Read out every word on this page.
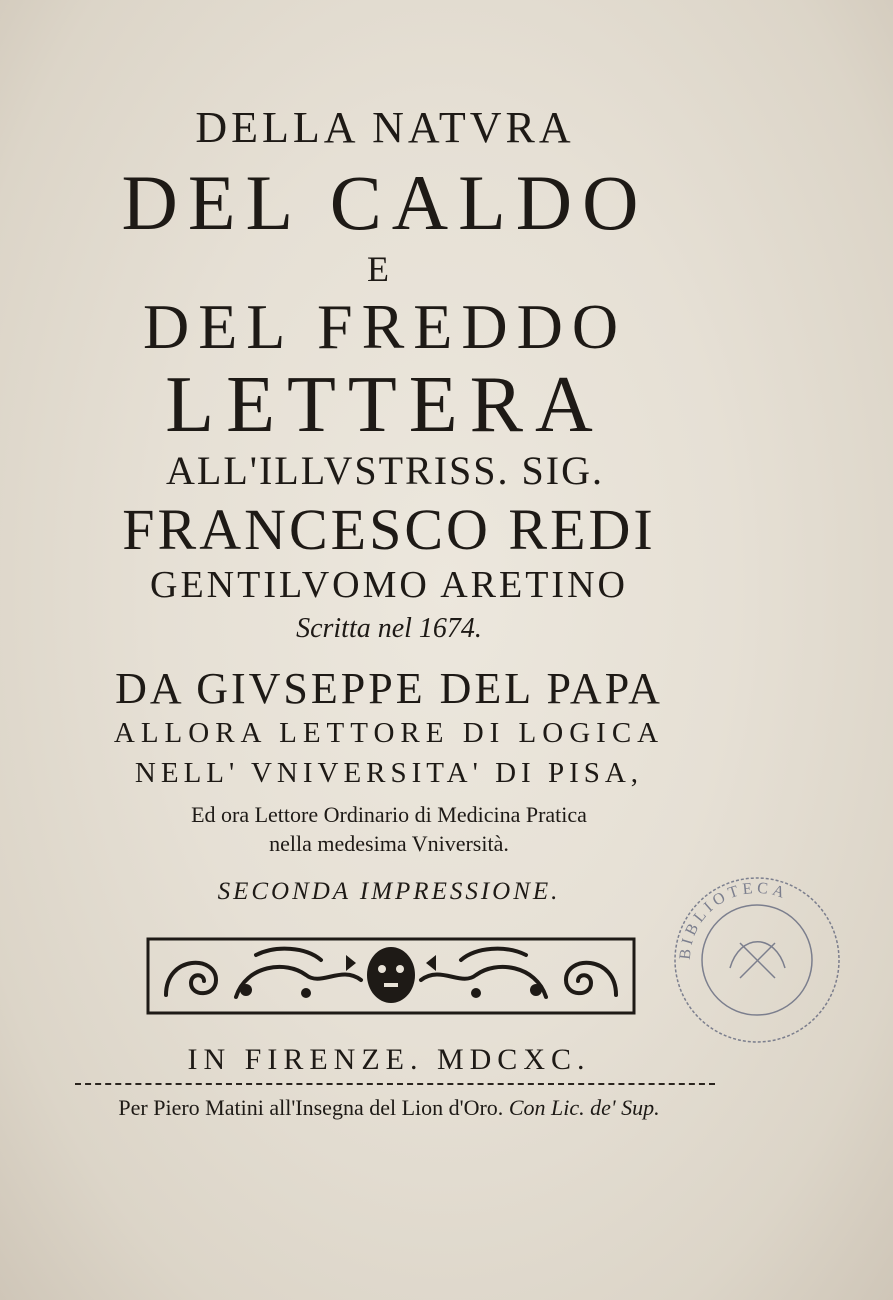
DELLA NATVRA
DEL CALDO
E
DEL FREDDO
LETTERA
ALL'ILLVSTRISS. SIG.
FRANCESCO REDI
GENTILVOMO ARETINO
Scritta nel 1674.
DA GIVSEPPE DEL PAPA
ALLORA LETTORE DI LOGICA
NELL' VNIVERSITA' DI PISA,
Ed ora Lettore Ordinario di Medicina Pratica
nella medesima Vniversità.
SECONDA IMPRESSIONE.
IN FIRENZE. MDCXC.
Per Piero Matini all'Insegna del Lion d'Oro. Con Lic. de' Sup.
BIBLIOTECA
